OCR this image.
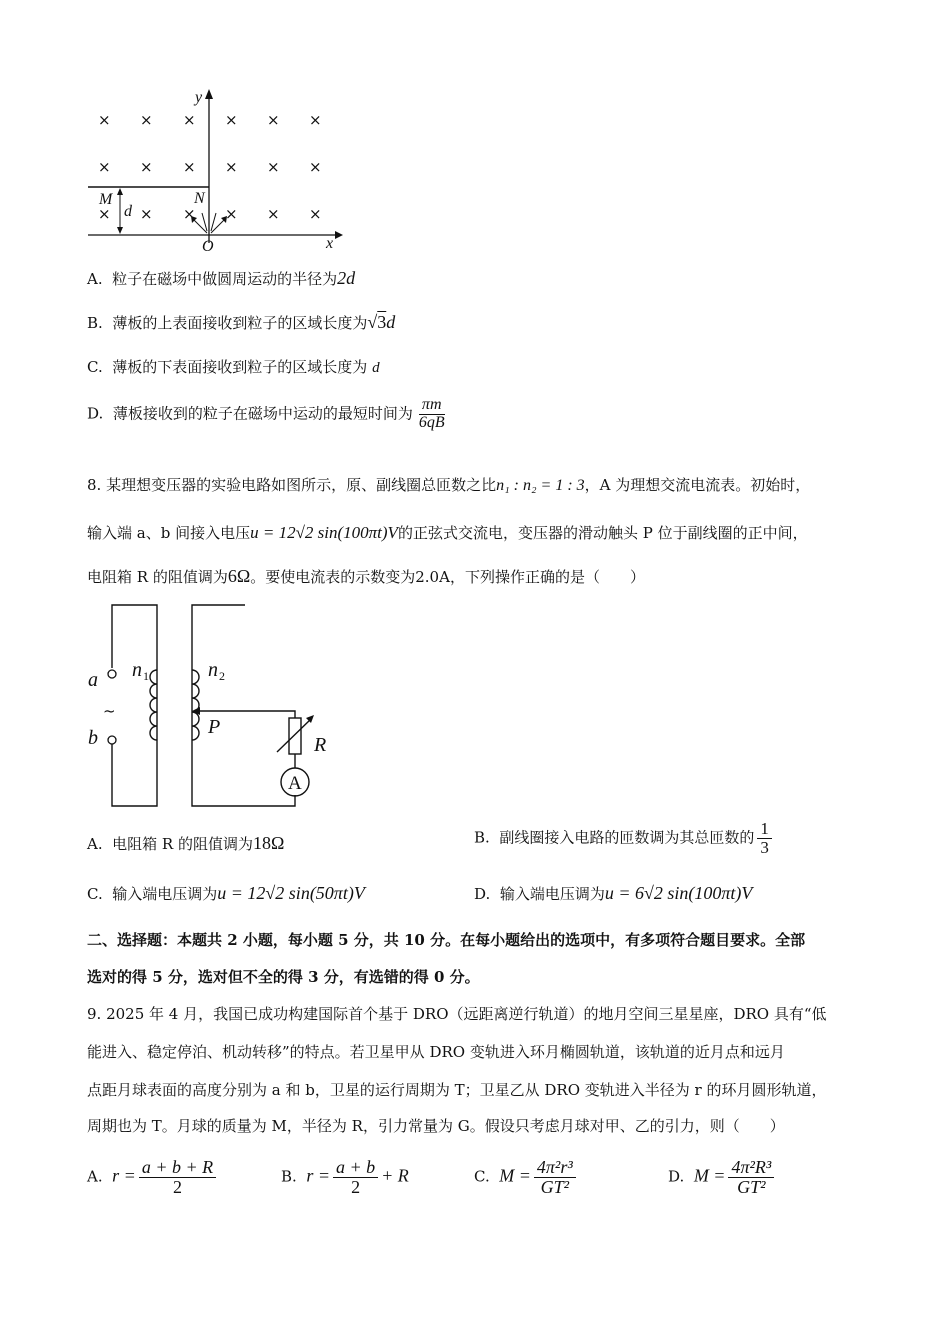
× × × × × ×
× × × × × ×
× × × × × ×
y
x
O
M	N
d
A. 粒子在磁场中做圆周运动的半径为2d
B. 薄板的上表面接收到粒子的区域长度为√3d
C. 薄板的下表面接收到粒子的区域长度为 d
D. 薄板接收到的粒子在磁场中运动的最短时间为 $\frac{\pi m}{6qB}$
8. 某理想变压器的实验电路如图所示，原、副线圈总匝数之比n₁ : n₂ = 1 : 3，A 为理想交流电流表。初始时，
输入端 a、b 间接入电压u = 12√2 sin(100πt)V的正弦式交流电，变压器的滑动触头 P 位于副线圈的正中间，
电阻箱 R 的阻值调为6Ω。要使电流表的示数变为2.0A，下列操作正确的是（　　）
a
b
n	n
P
R
1	2
~
A
A. 电阻箱 R 的阻值调为18Ω	B. 副线圈接入电路的匝数调为其总匝数的 $\frac{1}{3}$
C. 输入端电压调为u = 12√2 sin(50πt)V	D. 输入端电压调为u = 6√2 sin(100πt)V
二、选择题：本题共 2 小题，每小题 5 分，共 10 分。在每小题给出的选项中，有多项符合题目要求。全部
选对的得 5 分，选对但不全的得 3 分，有选错的得 0 分。
9. 2025 年 4 月，我国已成功构建国际首个基于 DRO（远距离逆行轨道）的地月空间三星星座，DRO 具有“低
能进入、稳定停泊、机动转移”的特点。若卫星甲从 DRO 变轨进入环月椭圆轨道，该轨道的近月点和远月
点距月球表面的高度分别为 a 和 b，卫星的运行周期为 T；卫星乙从 DRO 变轨进入半径为 r 的环月圆形轨道，
周期也为 T。月球的质量为 M，半径为 R，引力常量为 G。假设只考虑月球对甲、乙的引力，则（　　）
A. $r = \frac{a + b + R}{2}$	B. $r = \frac{a + b}{2} + R$	C. $M = \frac{\text{4π²r³}}{\text{GT²}}$	D. $M = \frac{\text{4π²R³}}{\text{GT²}}$
